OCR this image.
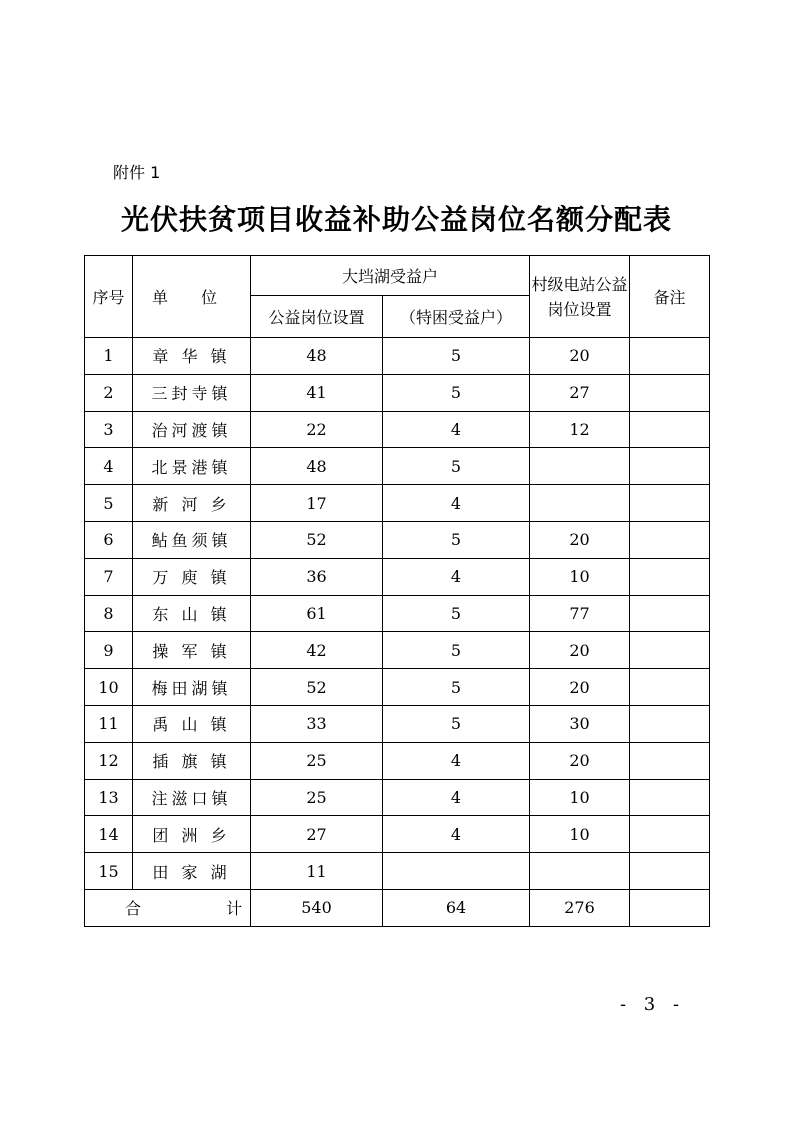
附件 1
光伏扶贫项目收益补助公益岗位名额分配表
序号	单 位	大垱湖受益户		村级电站公益岗位设置	备注
		公益岗位设置	（特困受益户）		
1	章 华 镇	48	5	20	
2	三封寺镇	41	5	27	
3	治河渡镇	22	4	12	
4	北景港镇	48	5		
5	新 河 乡	17	4		
6	鲇鱼须镇	52	5	20	
7	万 庾 镇	36	4	10	
8	东 山 镇	61	5	77	
9	操 军 镇	42	5	20	
10	梅田湖镇	52	5	20	
11	禹 山 镇	33	5	30	
12	插 旗 镇	25	4	20	
13	注滋口镇	25	4	10	
14	团 洲 乡	27	4	10	
15	田 家 湖	11			
合 计		540	64	276	
- 3 -
